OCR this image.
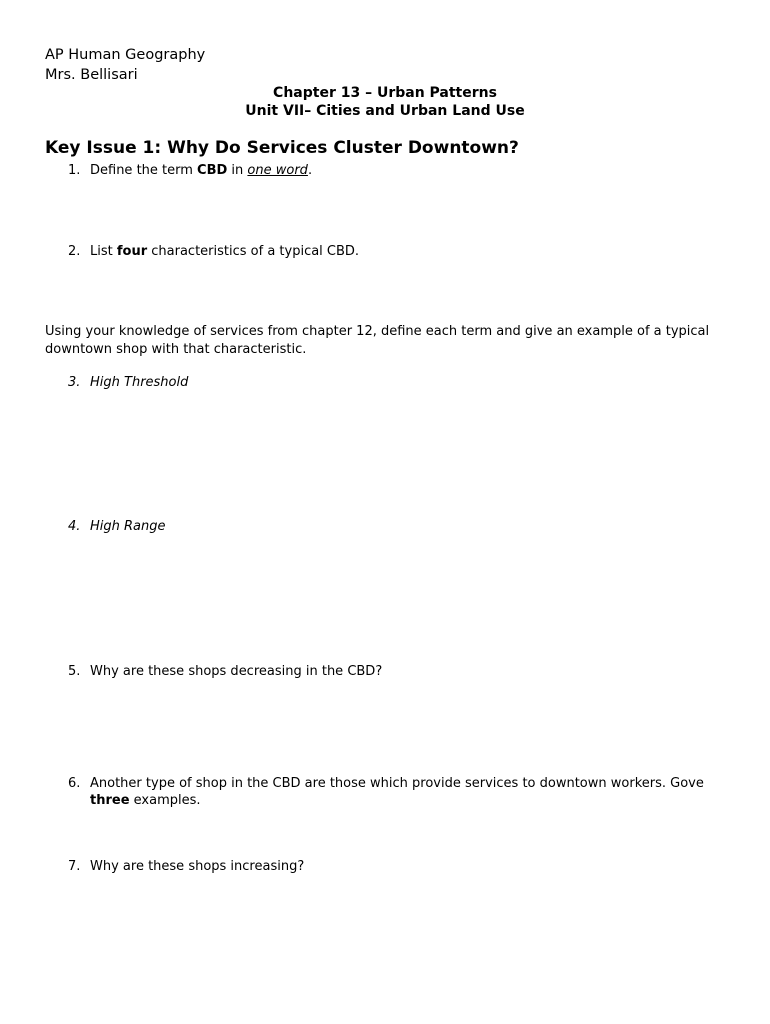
AP Human Geography
Mrs. Bellisari
Chapter 13 – Urban Patterns
Unit VII– Cities and Urban Land Use
Key Issue 1: Why Do Services Cluster Downtown?
1. Define the term CBD in one word.
2. List four characteristics of a typical CBD.
Using your knowledge of services from chapter 12, define each term and give an example of a typical downtown shop with that characteristic.
3. High Threshold
4. High Range
5. Why are these shops decreasing in the CBD?
6. Another type of shop in the CBD are those which provide services to downtown workers. Gove three examples.
7. Why are these shops increasing?
